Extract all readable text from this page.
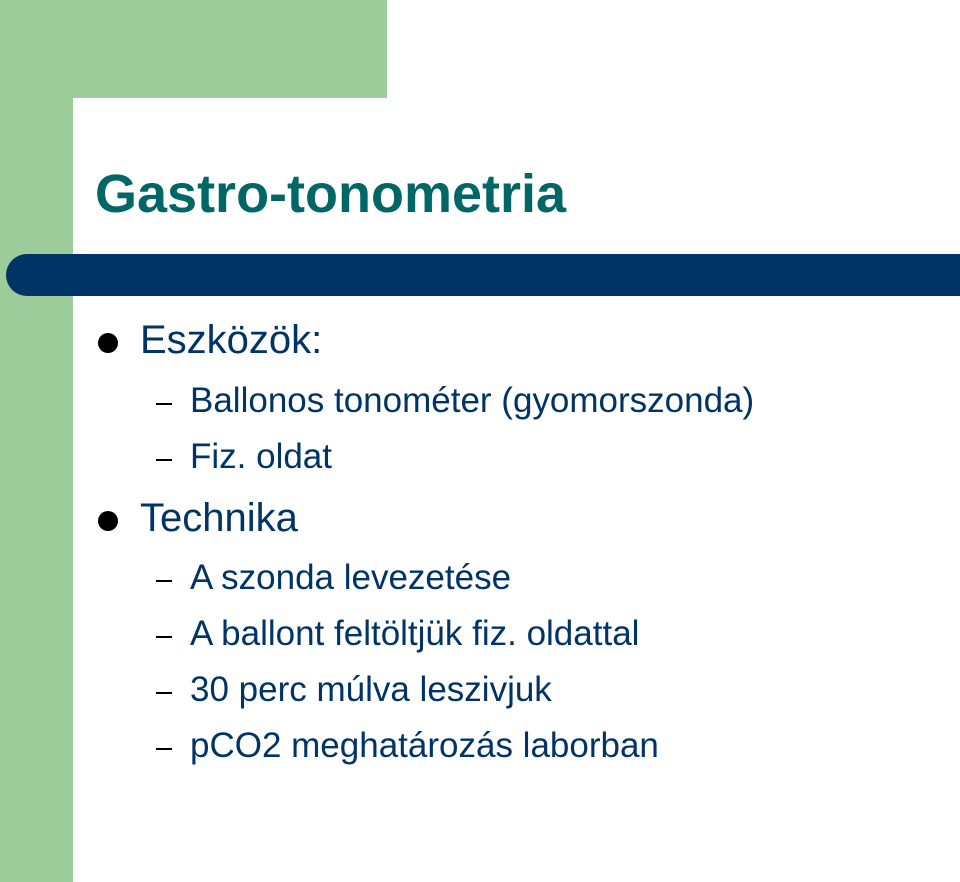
Gastro-tonometria
Eszközök:
Ballonos tonométer (gyomorszonda)
Fiz. oldat
Technika
A szonda levezetése
A ballont feltöltjük fiz. oldattal
30 perc múlva leszivjuk
pCO2 meghatározás laborban
